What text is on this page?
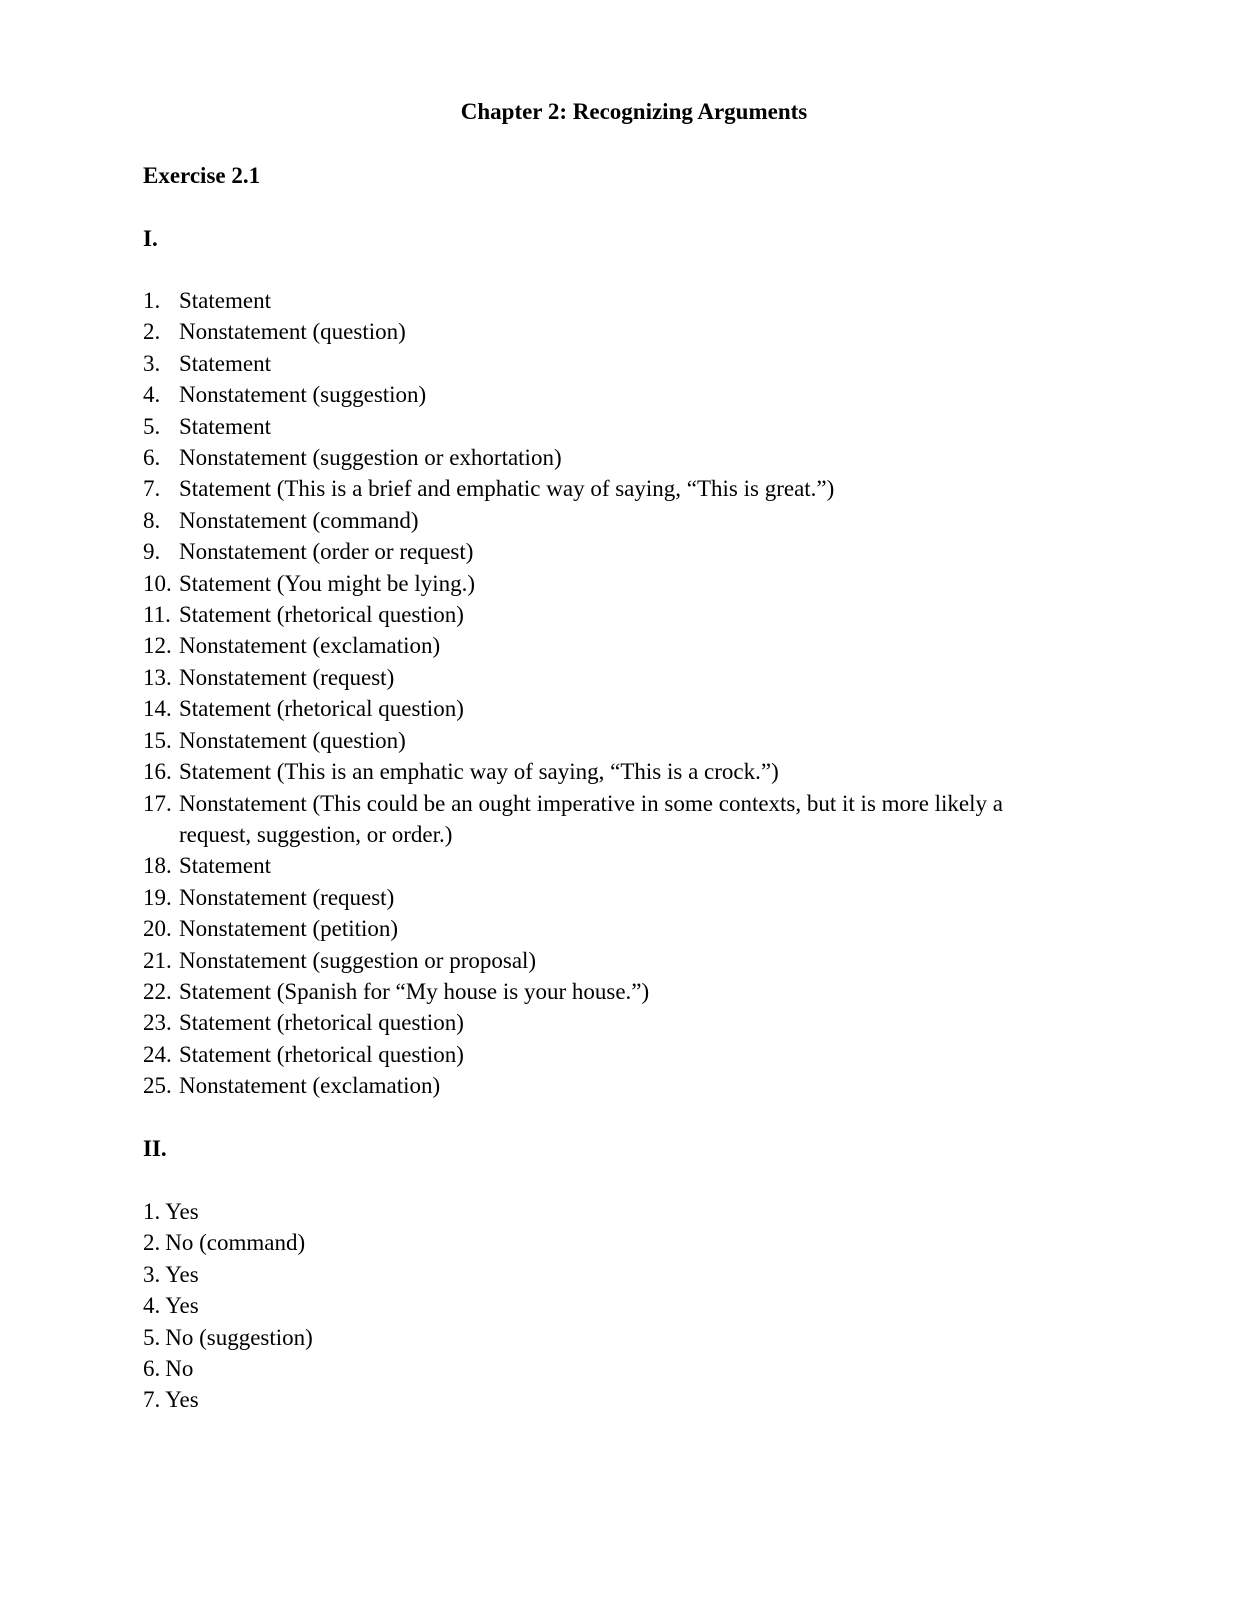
Chapter 2: Recognizing Arguments
Exercise 2.1
I.
1. Statement
2. Nonstatement (question)
3. Statement
4. Nonstatement (suggestion)
5. Statement
6. Nonstatement (suggestion or exhortation)
7. Statement (This is a brief and emphatic way of saying, “This is great.”)
8. Nonstatement (command)
9. Nonstatement (order or request)
10. Statement (You might be lying.)
11. Statement (rhetorical question)
12. Nonstatement (exclamation)
13. Nonstatement (request)
14. Statement (rhetorical question)
15. Nonstatement (question)
16. Statement (This is an emphatic way of saying, “This is a crock.”)
17. Nonstatement (This could be an ought imperative in some contexts, but it is more likely a request, suggestion, or order.)
18. Statement
19. Nonstatement (request)
20. Nonstatement (petition)
21. Nonstatement (suggestion or proposal)
22. Statement (Spanish for “My house is your house.”)
23. Statement (rhetorical question)
24. Statement (rhetorical question)
25. Nonstatement (exclamation)
II.
1. Yes
2. No (command)
3. Yes
4. Yes
5. No (suggestion)
6. No
7. Yes
